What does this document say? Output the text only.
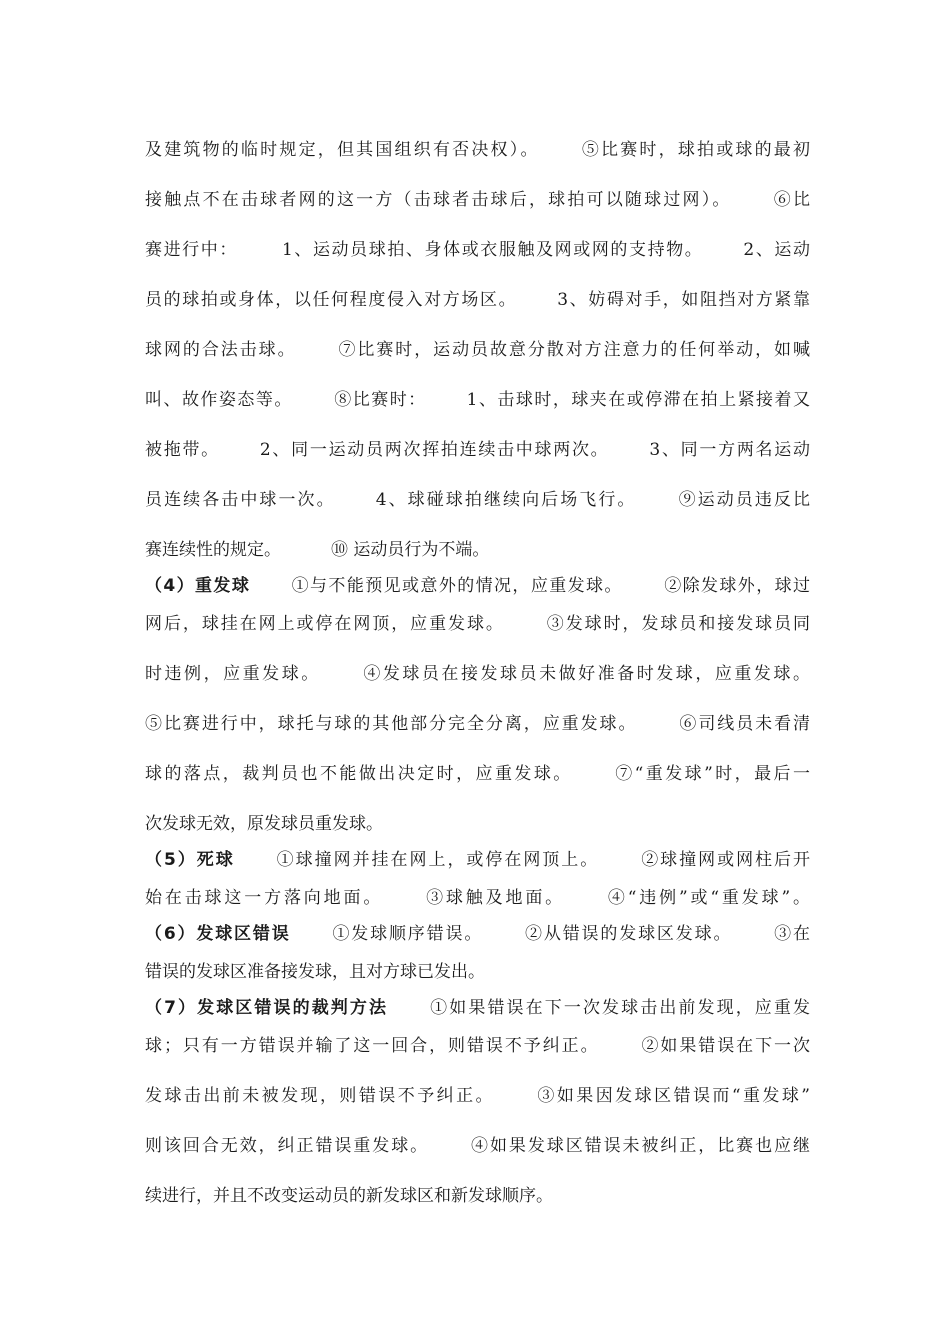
及建筑物的临时规定，但其国组织有否决权）。 ⑤比赛时，球拍或球的最初
接触点不在击球者网的这一方（击球者击球后，球拍可以随球过网）。 ⑥比
赛进行中：	1、运动员球拍、身体或衣服触及网或网的支持物。 2、运动
员的球拍或身体，以任何程度侵入对方场区。 3、妨碍对手，如阻挡对方紧靠
球网的合法击球。 ⑦比赛时，运动员故意分散对方注意力的任何举动，如喊
叫、故作姿态等。 ⑧比赛时： 1、击球时，球夹在或停滞在拍上紧接着又
被拖带。 2、同一运动员两次挥拍连续击中球两次。 3、同一方两名运动
员连续各击中球一次。 4、球碰球拍继续向后场飞行。 ⑨运动员违反比
赛连续性的规定。	⑩ 运动员行为不端。
（4）重发球 ①与不能预见或意外的情况，应重发球。 ②除发球外，球过
网后，球挂在网上或停在网顶，应重发球。 ③发球时，发球员和接发球员同
时违例，应重发球。 ④发球员在接发球员未做好准备时发球，应重发球。
⑤比赛进行中，球托与球的其他部分完全分离，应重发球。 ⑥司线员未看清
球的落点，裁判员也不能做出决定时，应重发球。 ⑦“重发球”时，最后一
次发球无效，原发球员重发球。
（5）死球 ①球撞网并挂在网上，或停在网顶上。 ②球撞网或网柱后开
始在击球这一方落向地面。 ③球触及地面。 ④“违例”或“重发球”。
（6）发球区错误 ①发球顺序错误。 ②从错误的发球区发球。 ③在
错误的发球区准备接发球，且对方球已发出。
（7）发球区错误的裁判方法 ①如果错误在下一次发球击出前发现，应重发
球；只有一方错误并输了这一回合，则错误不予纠正。 ②如果错误在下一次
发球击出前未被发现，则错误不予纠正。 ③如果因发球区错误而“重发球”
则该回合无效，纠正错误重发球。 ④如果发球区错误未被纠正，比赛也应继
续进行，并且不改变运动员的新发球区和新发球顺序。
